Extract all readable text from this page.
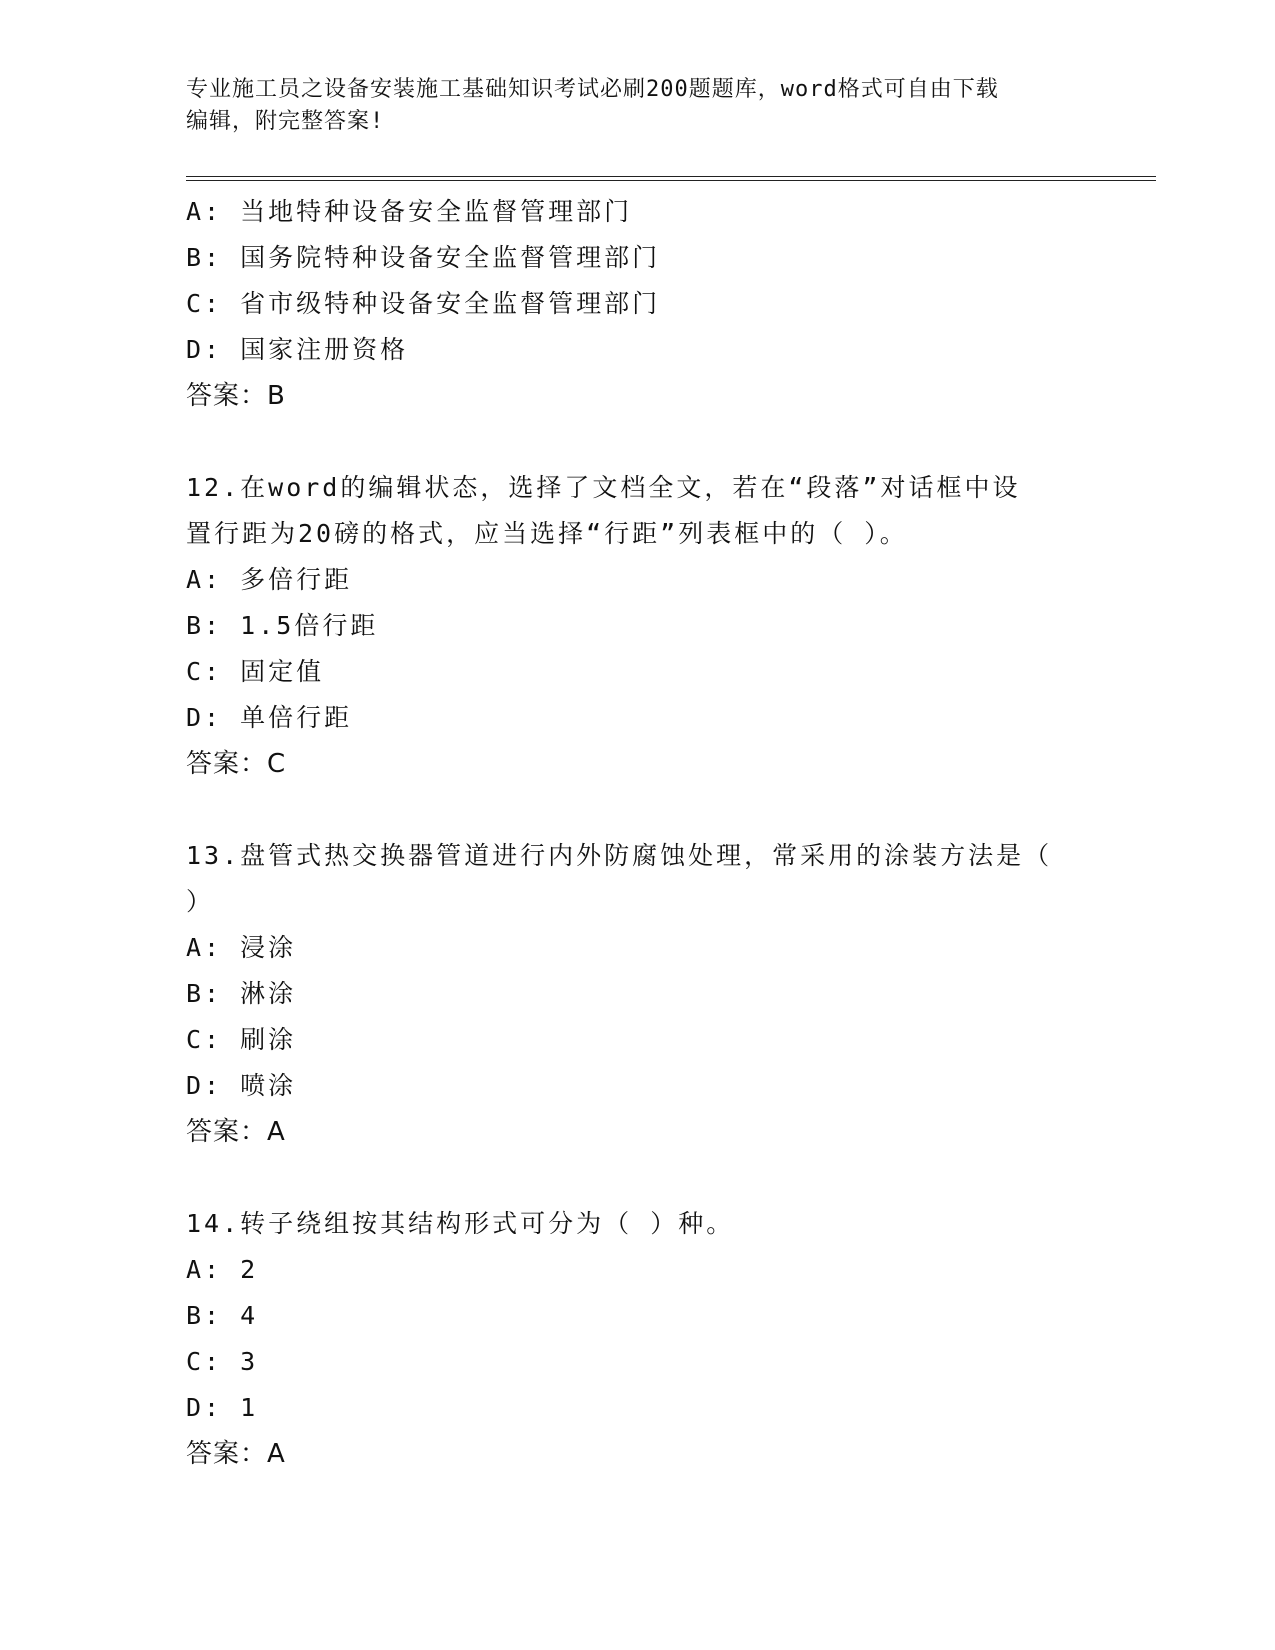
专业施工员之设备安装施工基础知识考试必刷200题题库，word格式可自由下载
编辑，附完整答案!
A: 当地特种设备安全监督管理部门
B: 国务院特种设备安全监督管理部门
C: 省市级特种设备安全监督管理部门
D: 国家注册资格
答案：B
12.在word的编辑状态，选择了文档全文，若在“段落”对话框中设
置行距为20磅的格式，应当选择“行距”列表框中的（ ）。
A: 多倍行距
B: 1.5倍行距
C: 固定值
D: 单倍行距
答案：C
13.盘管式热交换器管道进行内外防腐蚀处理，常采用的涂装方法是（
）
A: 浸涂
B: 淋涂
C: 刷涂
D: 喷涂
答案：A
14.转子绕组按其结构形式可分为（ ）种。
A: 2
B: 4
C: 3
D: 1
答案：A
